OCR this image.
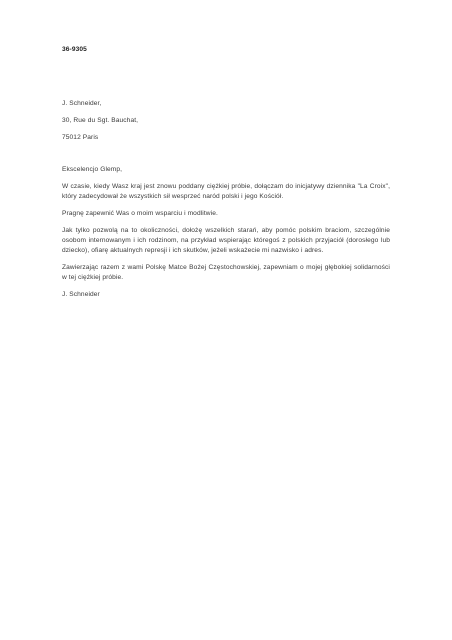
36-9305

J. Schneider,

30, Rue du Sgt. Bauchat,

75012 Paris

Ekscelencjo Glemp,

W czasie, kiedy Wasz kraj jest znowu poddany ciężkiej próbie, dołączam do inicjatywy dziennika "La Croix", który zadecydował że wszystkich sił wesprzeć naród polski i jego Kościół.

Pragnę zapewnić Was o moim wsparciu i modlitwie.

Jak tylko pozwolą na to okoliczności, dołożę wszelkich starań, aby pomóc polskim braciom, szczególnie osobom internowanym i ich rodzinom, na przykład wspierając któregoś z polskich przyjaciół (dorosłego lub dziecko), ofiarę aktualnych represji i ich skutków, jeżeli wskażecie mi nazwisko i adres.

Zawierzając razem z wami Polskę Matce Bożej Częstochowskiej, zapewniam o mojej głębokiej solidarności w tej ciężkiej próbie.

J. Schneider
